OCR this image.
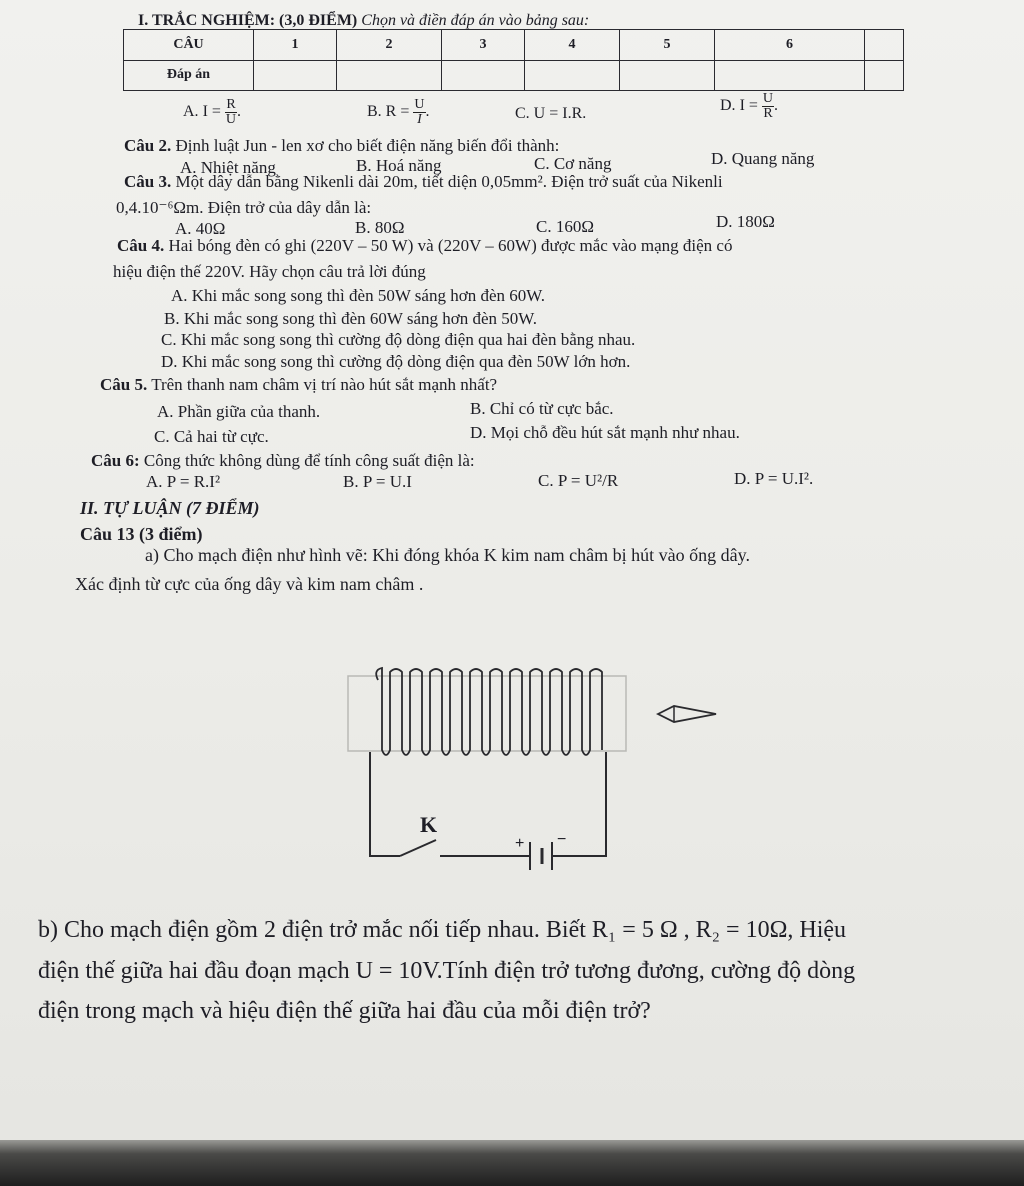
I. TRẮC NGHIỆM: (3,0 ĐIỂM) Chọn và điền đáp án vào bảng sau:
CÂU	1	2	3	4	5	6	
Đáp án							
A. $I = \frac{R}{U}$ .	B. $R = \frac{U}{I}$ .	C. U = I.R.	D. $I = \frac{U}{R}$ .
Câu 2. Định luật Jun - len xơ cho biết điện năng biến đổi thành:
A. Nhiệt năng	B. Hoá năng	C. Cơ năng	D. Quang năng
Câu 3. Một dây dẫn bằng Nikenli dài 20m, tiết diện 0,05mm². Điện trở suất của Nikenli
0,4.10⁻⁶Ωm. Điện trở của dây dẫn là:
A. 40Ω	B. 80Ω	C. 160Ω	D. 180Ω
Câu 4. Hai bóng đèn có ghi (220V – 50 W) và (220V – 60W) được mắc vào mạng điện có
hiệu điện thế 220V. Hãy chọn câu trả lời đúng
A. Khi mắc song song thì đèn 50W sáng hơn đèn 60W.
B. Khi mắc song song thì đèn 60W sáng hơn đèn 50W.
C. Khi mắc song song thì cường độ dòng điện qua hai đèn bằng nhau.
D. Khi mắc song song thì cường độ dòng điện qua đèn 50W lớn hơn.
Câu 5. Trên thanh nam châm vị trí nào hút sắt mạnh nhất?
A. Phần giữa của thanh.	B. Chỉ có từ cực bắc.
C. Cả hai từ cực.	D. Mọi chỗ đều hút sắt mạnh như nhau.
Câu 6: Công thức không dùng để tính công suất điện là:
A. P = R.I²	B. P = U.I	C. P = U²/R	D. P = U.I².
II. TỰ LUẬN (7 ĐIỂM)
Câu 13 (3 điểm)
a) Cho mạch điện như hình vẽ: Khi đóng khóa K kim nam châm bị hút vào ống dây.
Xác định từ cực của ống dây và kim nam châm .
K
+ −
b) Cho mạch điện gồm 2 điện trở mắc nối tiếp nhau. Biết R₁ = 5 Ω , R₂ = 10Ω, Hiệu
điện thế giữa hai đầu đoạn mạch U = 10V.Tính điện trở tương đương, cường độ dòng
điện trong mạch và hiệu điện thế giữa hai đầu của mỗi điện trở?
